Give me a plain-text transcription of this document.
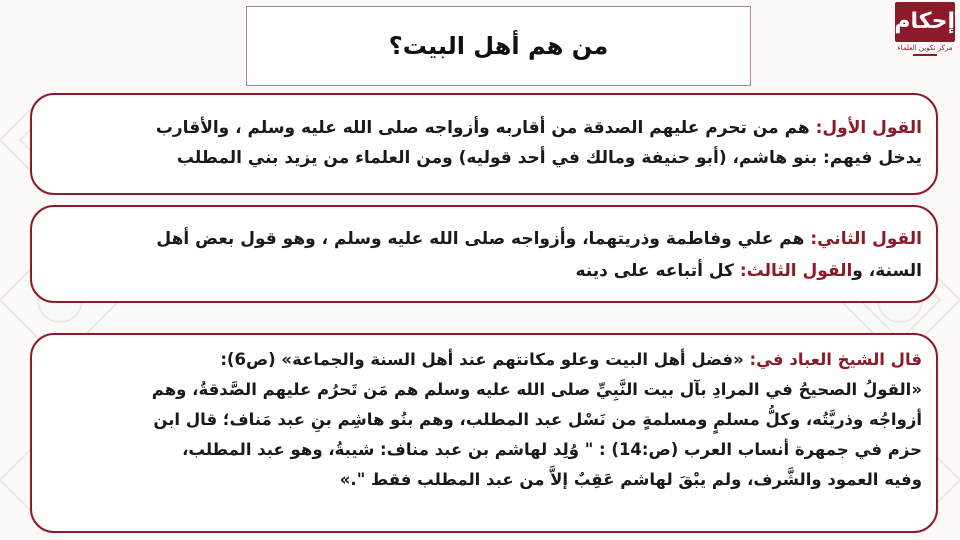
إحكام
مركز تكوين العلماء
من هم أهل البيت؟
القول الأول: هم من تحرم عليهم الصدقة من أقاربه وأزواجه صلى الله عليه وسلم ، والأقارب
يدخل فيهم: بنو هاشم، (أبو حنيفة ومالك في أحد قوليه) ومن العلماء من يزيد بني المطلب
القول الثاني: هم علي وفاطمة وذريتهما، وأزواجه صلى الله عليه وسلم ، وهو قول بعض أهل
السنة، والقول الثالث: كل أتباعه على دينه
قال الشيخ العباد في: «فضل أهل البيت وعلو مكانتهم عند أهل السنة والجماعة» (ص6):
«القولُ الصحيحُ في المرادِ بآل بيت النَّبِيِّ صلى الله عليه وسلم هم مَن تَحرُم عليهم الصَّدقةُ، وهم
أزواجُه وذريَّتُه، وكلُّ مسلمٍ ومسلمةٍ من نَسْل عبد المطلب، وهم بنُو هاشِم بنِ عبد مَناف؛ قال ابن
حزم في جمهرة أنساب العرب (ص:14) : " وُلِد لهاشم بن عبد مناف: شيبةُ، وهو عبد المطلب،
وفيه العمود والشَّرف، ولم يبْقَ لهاشم عَقِبٌ إلاَّ من عبد المطلب فقط ".»
